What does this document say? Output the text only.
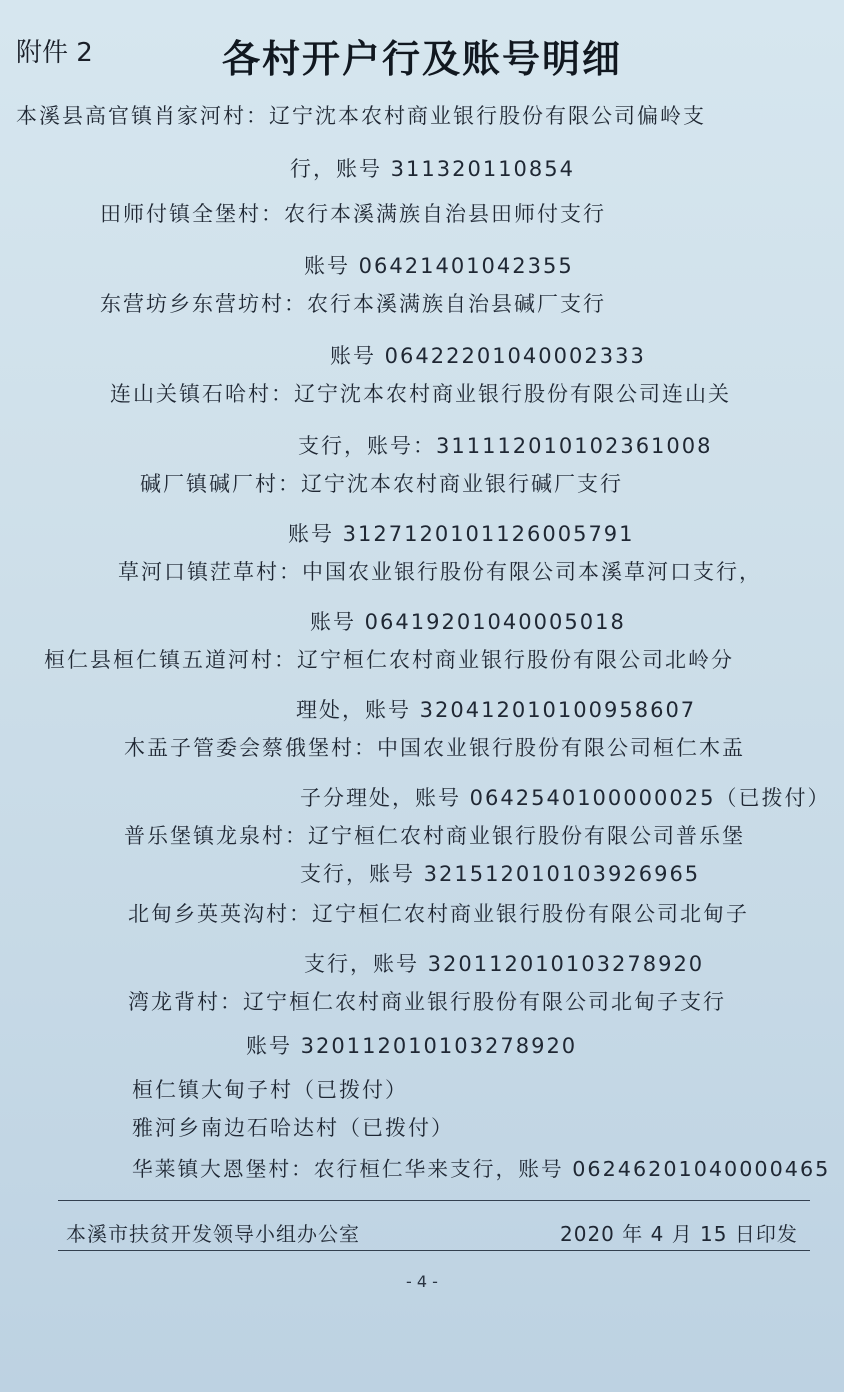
附件 2	各村开户行及账号明细
本溪县高官镇肖家河村：辽宁沈本农村商业银行股份有限公司偏岭支
行，账号 311320110854
田师付镇全堡村：农行本溪满族自治县田师付支行
账号 06421401042355
东营坊乡东营坊村：农行本溪满族自治县碱厂支行
账号 06422201040002333
连山关镇石哈村：辽宁沈本农村商业银行股份有限公司连山关
支行，账号：311112010102361008
碱厂镇碱厂村：辽宁沈本农村商业银行碱厂支行
账号 3127120101126005791
草河口镇茳草村：中国农业银行股份有限公司本溪草河口支行，
账号 06419201040005018
桓仁县桓仁镇五道河村：辽宁桓仁农村商业银行股份有限公司北岭分
理处，账号 320412010100958607
木盂子管委会蔡俄堡村：中国农业银行股份有限公司桓仁木盂
子分理处，账号 0642540100000025（已拨付）
普乐堡镇龙泉村：辽宁桓仁农村商业银行股份有限公司普乐堡
支行，账号 321512010103926965
北甸乡英英沟村：辽宁桓仁农村商业银行股份有限公司北甸子
支行，账号 320112010103278920
湾龙背村：辽宁桓仁农村商业银行股份有限公司北甸子支行
账号 320112010103278920
桓仁镇大甸子村（已拨付）
雅河乡南边石哈达村（已拨付）
华莱镇大恩堡村：农行桓仁华来支行，账号 06246201040000465
本溪市扶贫开发领导小组办公室	2020 年 4 月 15 日印发
- 4 -
